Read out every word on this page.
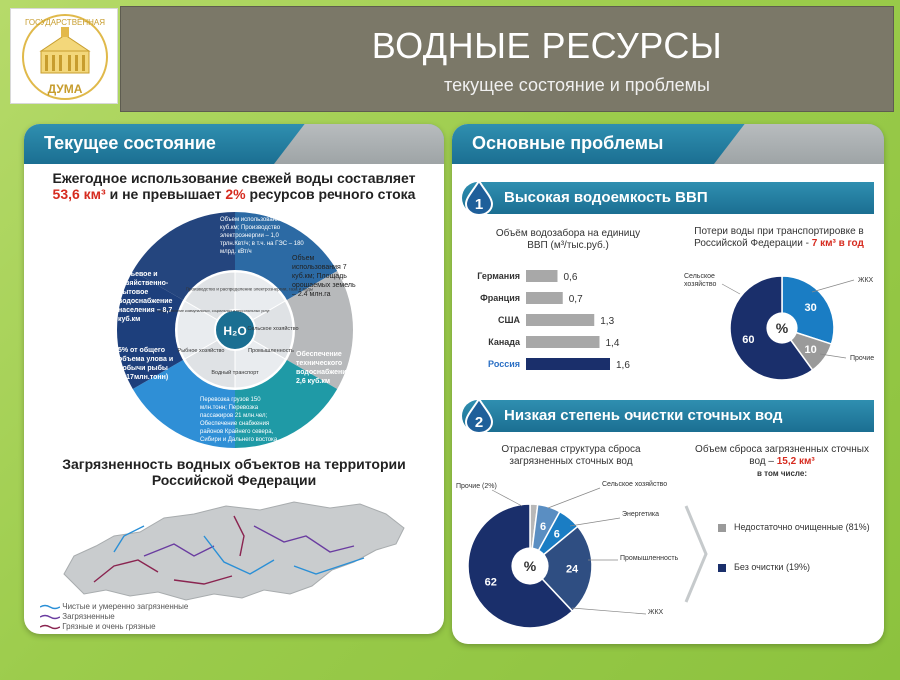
ГОСУДАРСТВЕННАЯ
ДУМА
ВОДНЫЕ РЕСУРСЫ
текущее состояние и проблемы
Текущее состояние
Ежегодное использование свежей воды составляет
53,6 км³ и не превышает 2% ресурсов речного стока
H₂O
Производство и распределение электроэнергии, газа и воды
Сельское хозяйство
Промышленность
Водный транспорт
Рыбное хозяйство
Предоставление коммунальных, социальных и персональных услуг
Объем использования – 29,9 куб.км; Производство электроэнергии – 1,0 трлн.Квт/ч; в т.ч. на ГЭС – 180 млрд. кВт/ч
Объем использования 7 куб.км; Площадь орошаемых земель – 2.4 млн.га
Обеспечение технического водоснабжения 2,6 куб.км
Перевозка грузов 150 млн.тонн; Перевозка пассажиров 21 млн.чел; Обеспечение снабжения районов Крайнего севера, Сибири и Дальнего востока
5% от общего объема улова и добычи рыбы (0.17млн.тонн)
Питьевое и хозяйственно-бытовое водоснабжение населения – 8,7 куб.км
Загрязненность водных объектов на территории Российской Федерации
Чистые и умеренно загрязненные
Загрязненные
Грязные и очень грязные
Основные проблемы
1 Высокая водоемкость ВВП
Объём водозабора на единицу ВВП (м³/тыс.руб.)
Потери воды при транспортировке в Российской Федерации - 7 км³ в год
Германия	0,6
Франция	0,7
США	1,3
Канада	1,4
Россия	1,6
30
10
60
%
ЖКХ
Прочие
Сельское хозяйство
2 Низкая степень очистки сточных вод
Отраслевая структура сброса загрязненных сточных вод
Объем сброса загрязненных сточных вод – 15,2 км³
в том числе:
6
6
24
62
%
Прочие (2%)	Сельское хозяйство
Энергетика
Промышленность
ЖКХ
Недостаточно очищенные (81%)
Без очистки (19%)
